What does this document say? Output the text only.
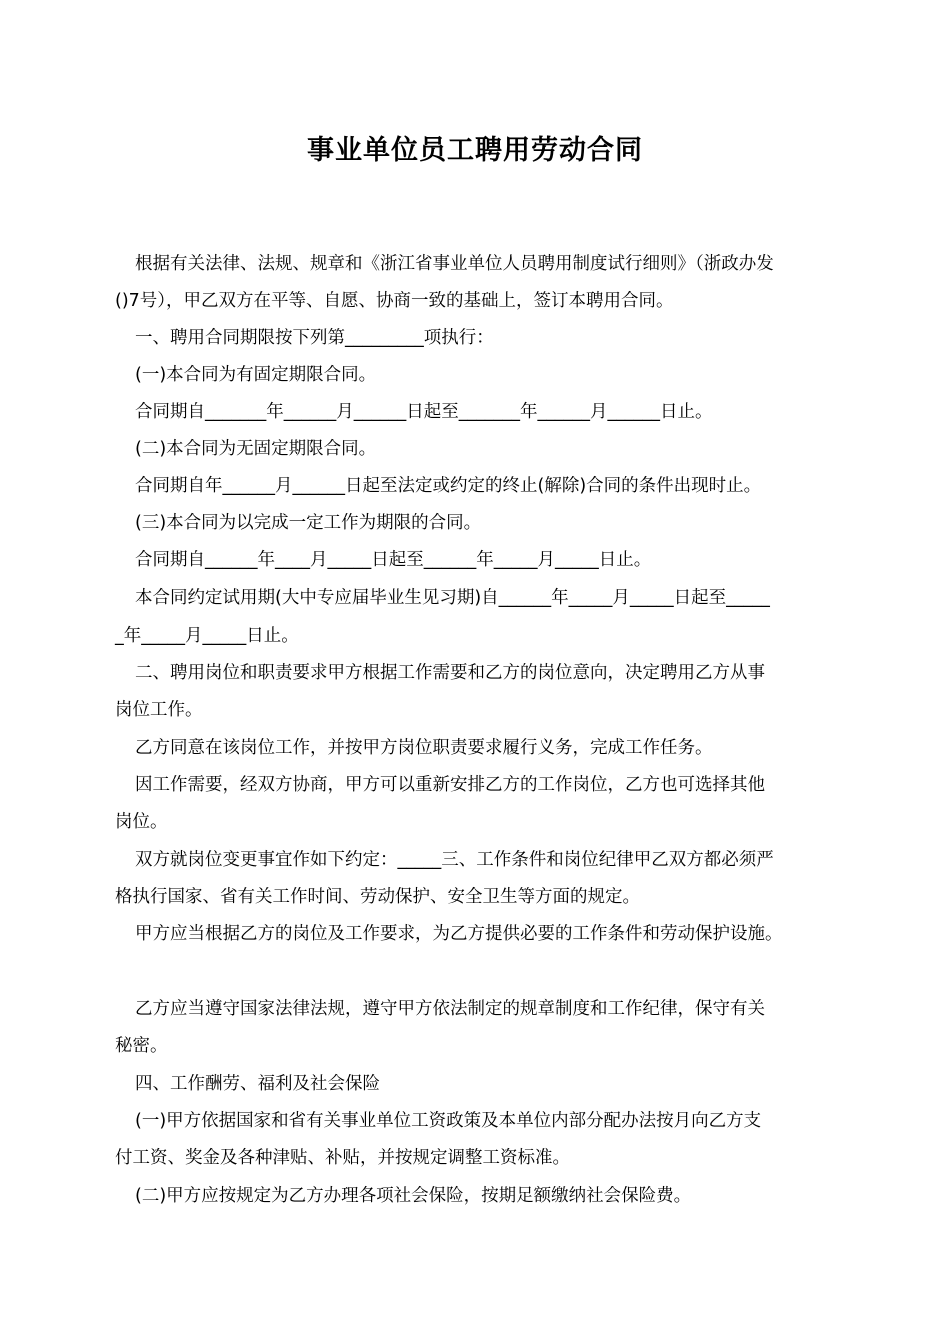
事业单位员工聘用劳动合同

根据有关法律、法规、规章和《浙江省事业单位人员聘用制度试行细则》（浙政办发

()7号），甲乙双方在平等、自愿、协商一致的基础上，签订本聘用合同。

一、聘用合同期限按下列第_________项执行：

(一)本合同为有固定期限合同。

合同期自_______年______月______日起至_______年______月______日止。

(二)本合同为无固定期限合同。

合同期自年______月______日起至法定或约定的终止(解除)合同的条件出现时止。

(三)本合同为以完成一定工作为期限的合同。

合同期自______年____月_____日起至______年_____月_____日止。

本合同约定试用期(大中专应届毕业生见习期)自______年_____月_____日起至_____

_年_____月_____日止。

二、聘用岗位和职责要求甲方根据工作需要和乙方的岗位意向，决定聘用乙方从事

岗位工作。

乙方同意在该岗位工作，并按甲方岗位职责要求履行义务，完成工作任务。

因工作需要，经双方协商，甲方可以重新安排乙方的工作岗位，乙方也可选择其他

岗位。

双方就岗位变更事宜作如下约定：_____三、工作条件和岗位纪律甲乙双方都必须严

格执行国家、省有关工作时间、劳动保护、安全卫生等方面的规定。

甲方应当根据乙方的岗位及工作要求，为乙方提供必要的工作条件和劳动保护设施。

乙方应当遵守国家法律法规，遵守甲方依法制定的规章制度和工作纪律，保守有关

秘密。

四、工作酬劳、福利及社会保险

(一)甲方依据国家和省有关事业单位工资政策及本单位内部分配办法按月向乙方支

付工资、奖金及各种津贴、补贴，并按规定调整工资标准。

(二)甲方应按规定为乙方办理各项社会保险，按期足额缴纳社会保险费。
